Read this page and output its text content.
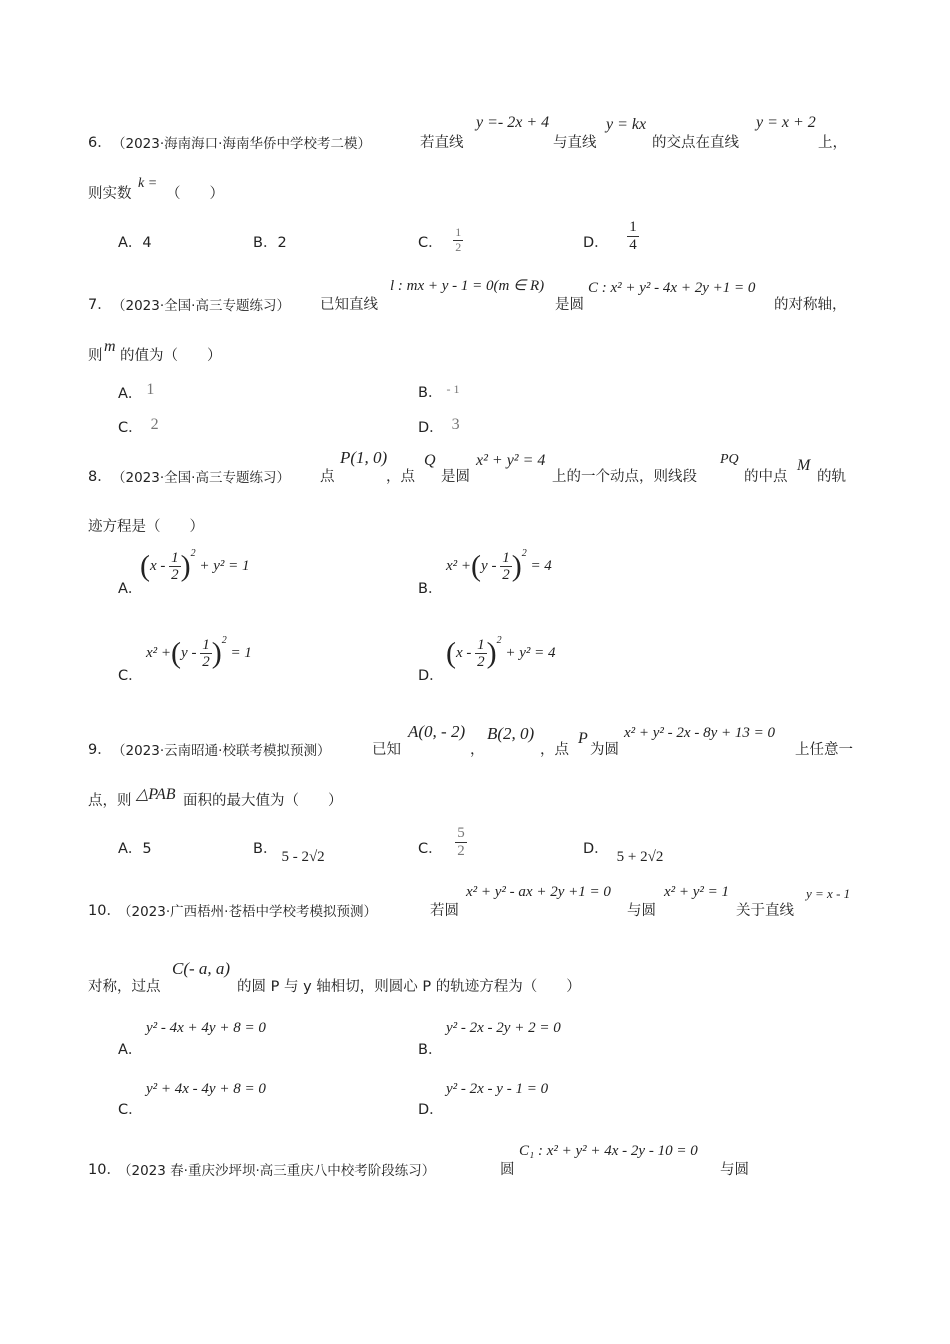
6． （2023·海南海口·海南华侨中学校考二模）	若直线
y =- 2x + 4
与直线
y = kx
的交点在直线
y = x + 2
上，
则实数
k =
（　　）
A．4	B．2	C． $\frac{1}{2}$	D． $\frac{1}{4}$
7． （2023·全国·高三专题练习） 已知直线
l : mx + y - 1 = 0(m ∈ R)
是圆
C : x² + y² - 4x + 2y +1 = 0
的对称轴，
则
m
的值为（　　）
A． 1	B． $^{- 1}$
C． 2	D． 3
8． （2023·全国·高三专题练习） 点
P(1, 0)
，点
Q
是圆
x² + y² = 4
上的一个动点，则线段
PQ
的中点
M
的轨
迹方程是（　　）
A．
$(x - \frac{1}{2} )^2 + y^2 = 1$
B．
$x^2 +(y - \frac{1}{2} )^2 = 4$
C．
$x^2 +(y - \frac{1}{2} )^2 = 1$
D．
$(x - \frac{1}{2} )^2 + y^2 = 4$
9． （2023·云南昭通·校联考模拟预测）	已知
A(0, - 2)
，
B(2, 0)
，点
P
为圆
x² + y² - 2x - 8y + 13 = 0
上任意一
点，则 △PAB 面积的最大值为（　　）
A．5	B． 5 - 2√2	C． $\frac{5}{2}$	D． 5 + 2√2
10．
（2023·广西梧州·苍梧中学校考模拟预测）	若圆
x² + y² - ax + 2y +1 = 0
与圆
x² + y² = 1
关于直线
y = x - 1
对称，过点
C(- a, a)
的圆 P 与 y 轴相切，则圆心 P 的轨迹方程为（　　）
A．
y² - 4x + 4y + 8 = 0
B．
y² - 2x - 2y + 2 = 0
C．
y² + 4x - 4y + 8 = 0
D．
y² - 2x - y - 1 = 0
10．
（2023 春·重庆沙坪坝·高三重庆八中校考阶段练习）	圆
C₁ : x² + y² + 4x - 2y - 10 = 0
与圆
